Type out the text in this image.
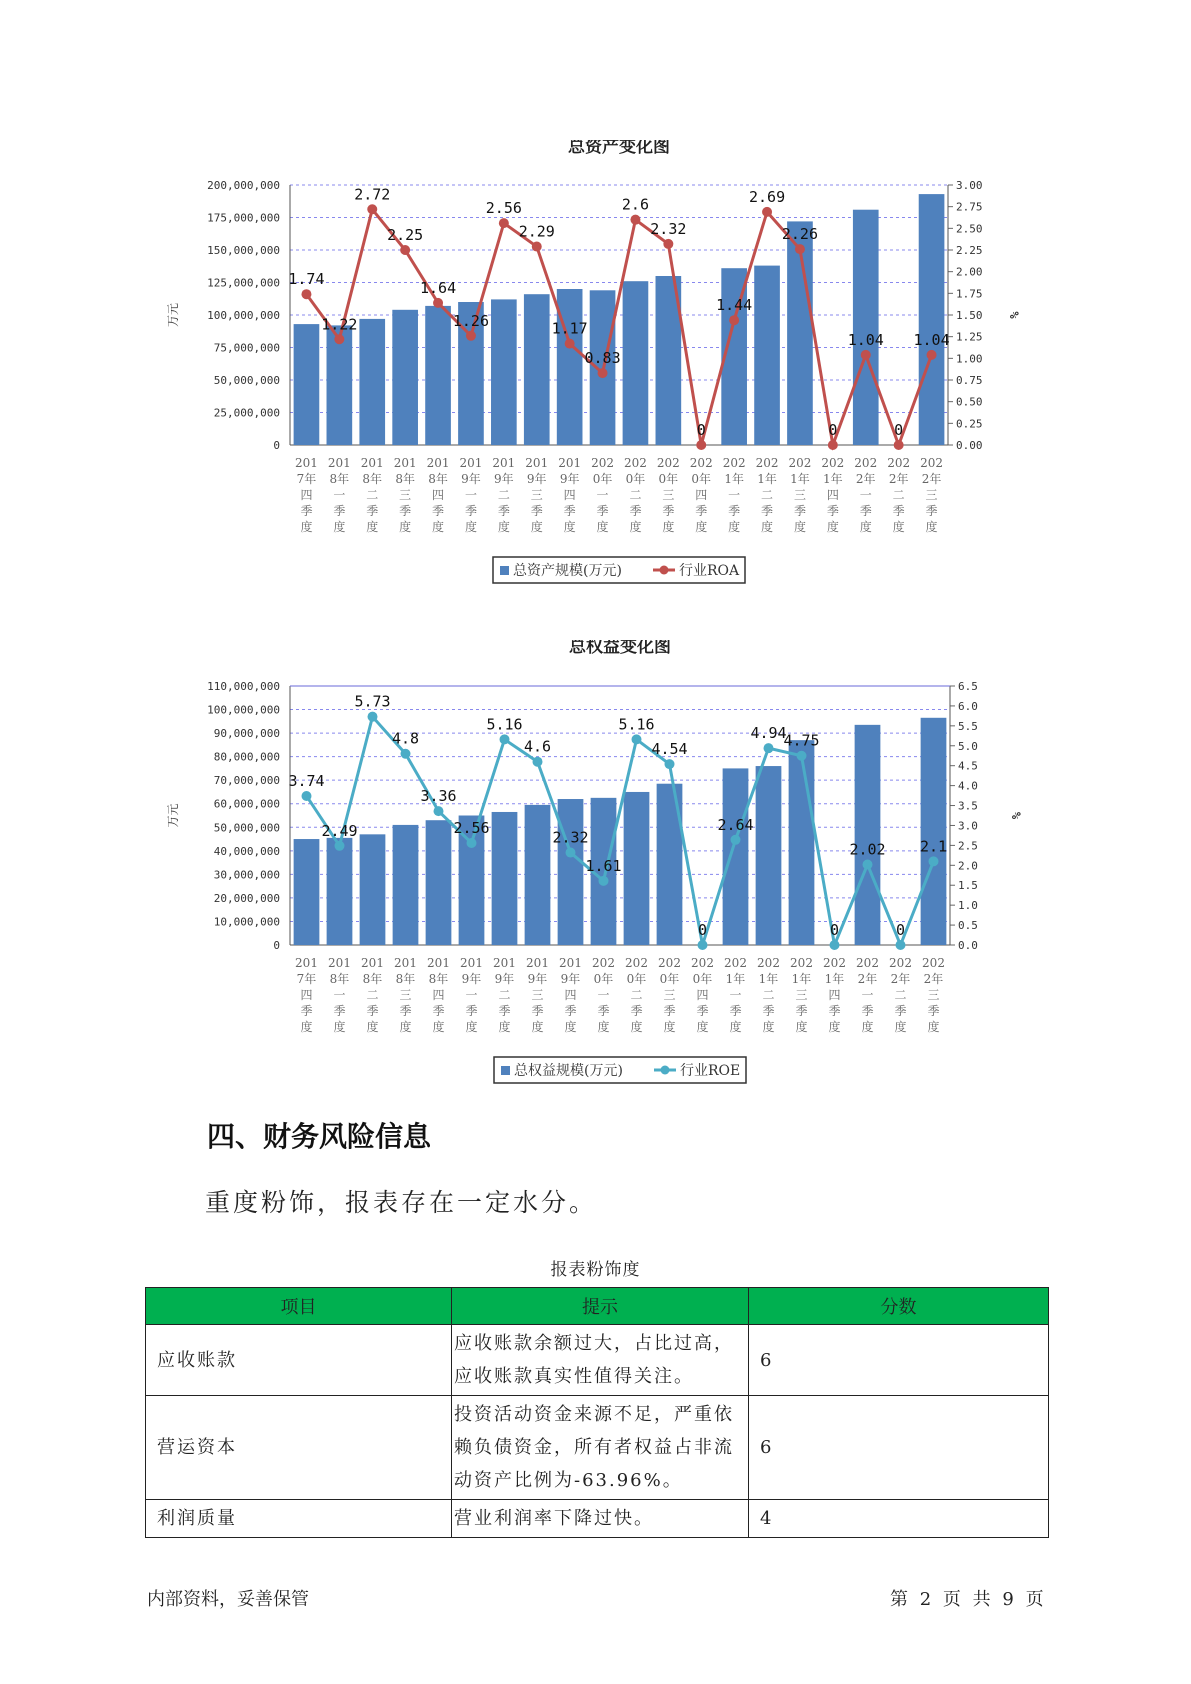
总资产变化图
0
25,000,000
50,000,000
75,000,000
100,000,000
125,000,000
150,000,000
175,000,000
200,000,000
0.00
0.25
0.50
0.75
1.00
1.25
1.50
1.75
2.00
2.25
2.50
2.75
3.00
万元	%
201
7年
四
季
度
201
8年
一
季
度
201
8年
二
季
度
201
8年
三
季
度
201
8年
四
季
度
201
9年
一
季
度
201
9年
二
季
度
201
9年
三
季
度
201
9年
四
季
度
202
0年
一
季
度
202
0年
二
季
度
202
0年
三
季
度
202
0年
四
季
度
202
1年
一
季
度
202
1年
二
季
度
202
1年
三
季
度
202
1年
四
季
度
202
2年
一
季
度
202
2年
二
季
度
202
2年
三
季
度
1.74
1.22
2.72
2.25
1.64
1.26
2.56
2.29
1.17
0.83
2.6
2.32
0
1.44
2.69
2.26
0
1.04
0
1.04
总资产规模(万元)	行业ROA
总权益变化图
0
10,000,000
20,000,000
30,000,000
40,000,000
50,000,000
60,000,000
70,000,000
80,000,000
90,000,000
100,000,000
110,000,000
0.0
0.5
1.0
1.5
2.0
2.5
3.0
3.5
4.0
4.5
5.0
5.5
6.0
6.5
万元	%
201
7年
四
季
度
201
8年
一
季
度
201
8年
二
季
度
201
8年
三
季
度
201
8年
四
季
度
201
9年
一
季
度
201
9年
二
季
度
201
9年
三
季
度
201
9年
四
季
度
202
0年
一
季
度
202
0年
二
季
度
202
0年
三
季
度
202
0年
四
季
度
202
1年
一
季
度
202
1年
二
季
度
202
1年
三
季
度
202
1年
四
季
度
202
2年
一
季
度
202
2年
二
季
度
202
2年
三
季
度
3.74
2.49
5.73
4.8
3.36
2.56
5.16
4.6
2.32
1.61
5.16
4.54
0
2.64
4.94
4.75
0
2.02
0
2.1
总权益规模(万元)	行业ROE
四、财务风险信息

重度粉饰，报表存在一定水分。

报表粉饰度
项目	提示	分数
应收账款	应收账款余额过大，占比过高，应收账款真实性值得关注。	6
营运资本	投资活动资金来源不足，严重依赖负债资金，所有者权益占非流动资产比例为-63.96%。	6
利润质量	营业利润率下降过快。	4
内部资料，妥善保管	第 2 页 共 9 页
